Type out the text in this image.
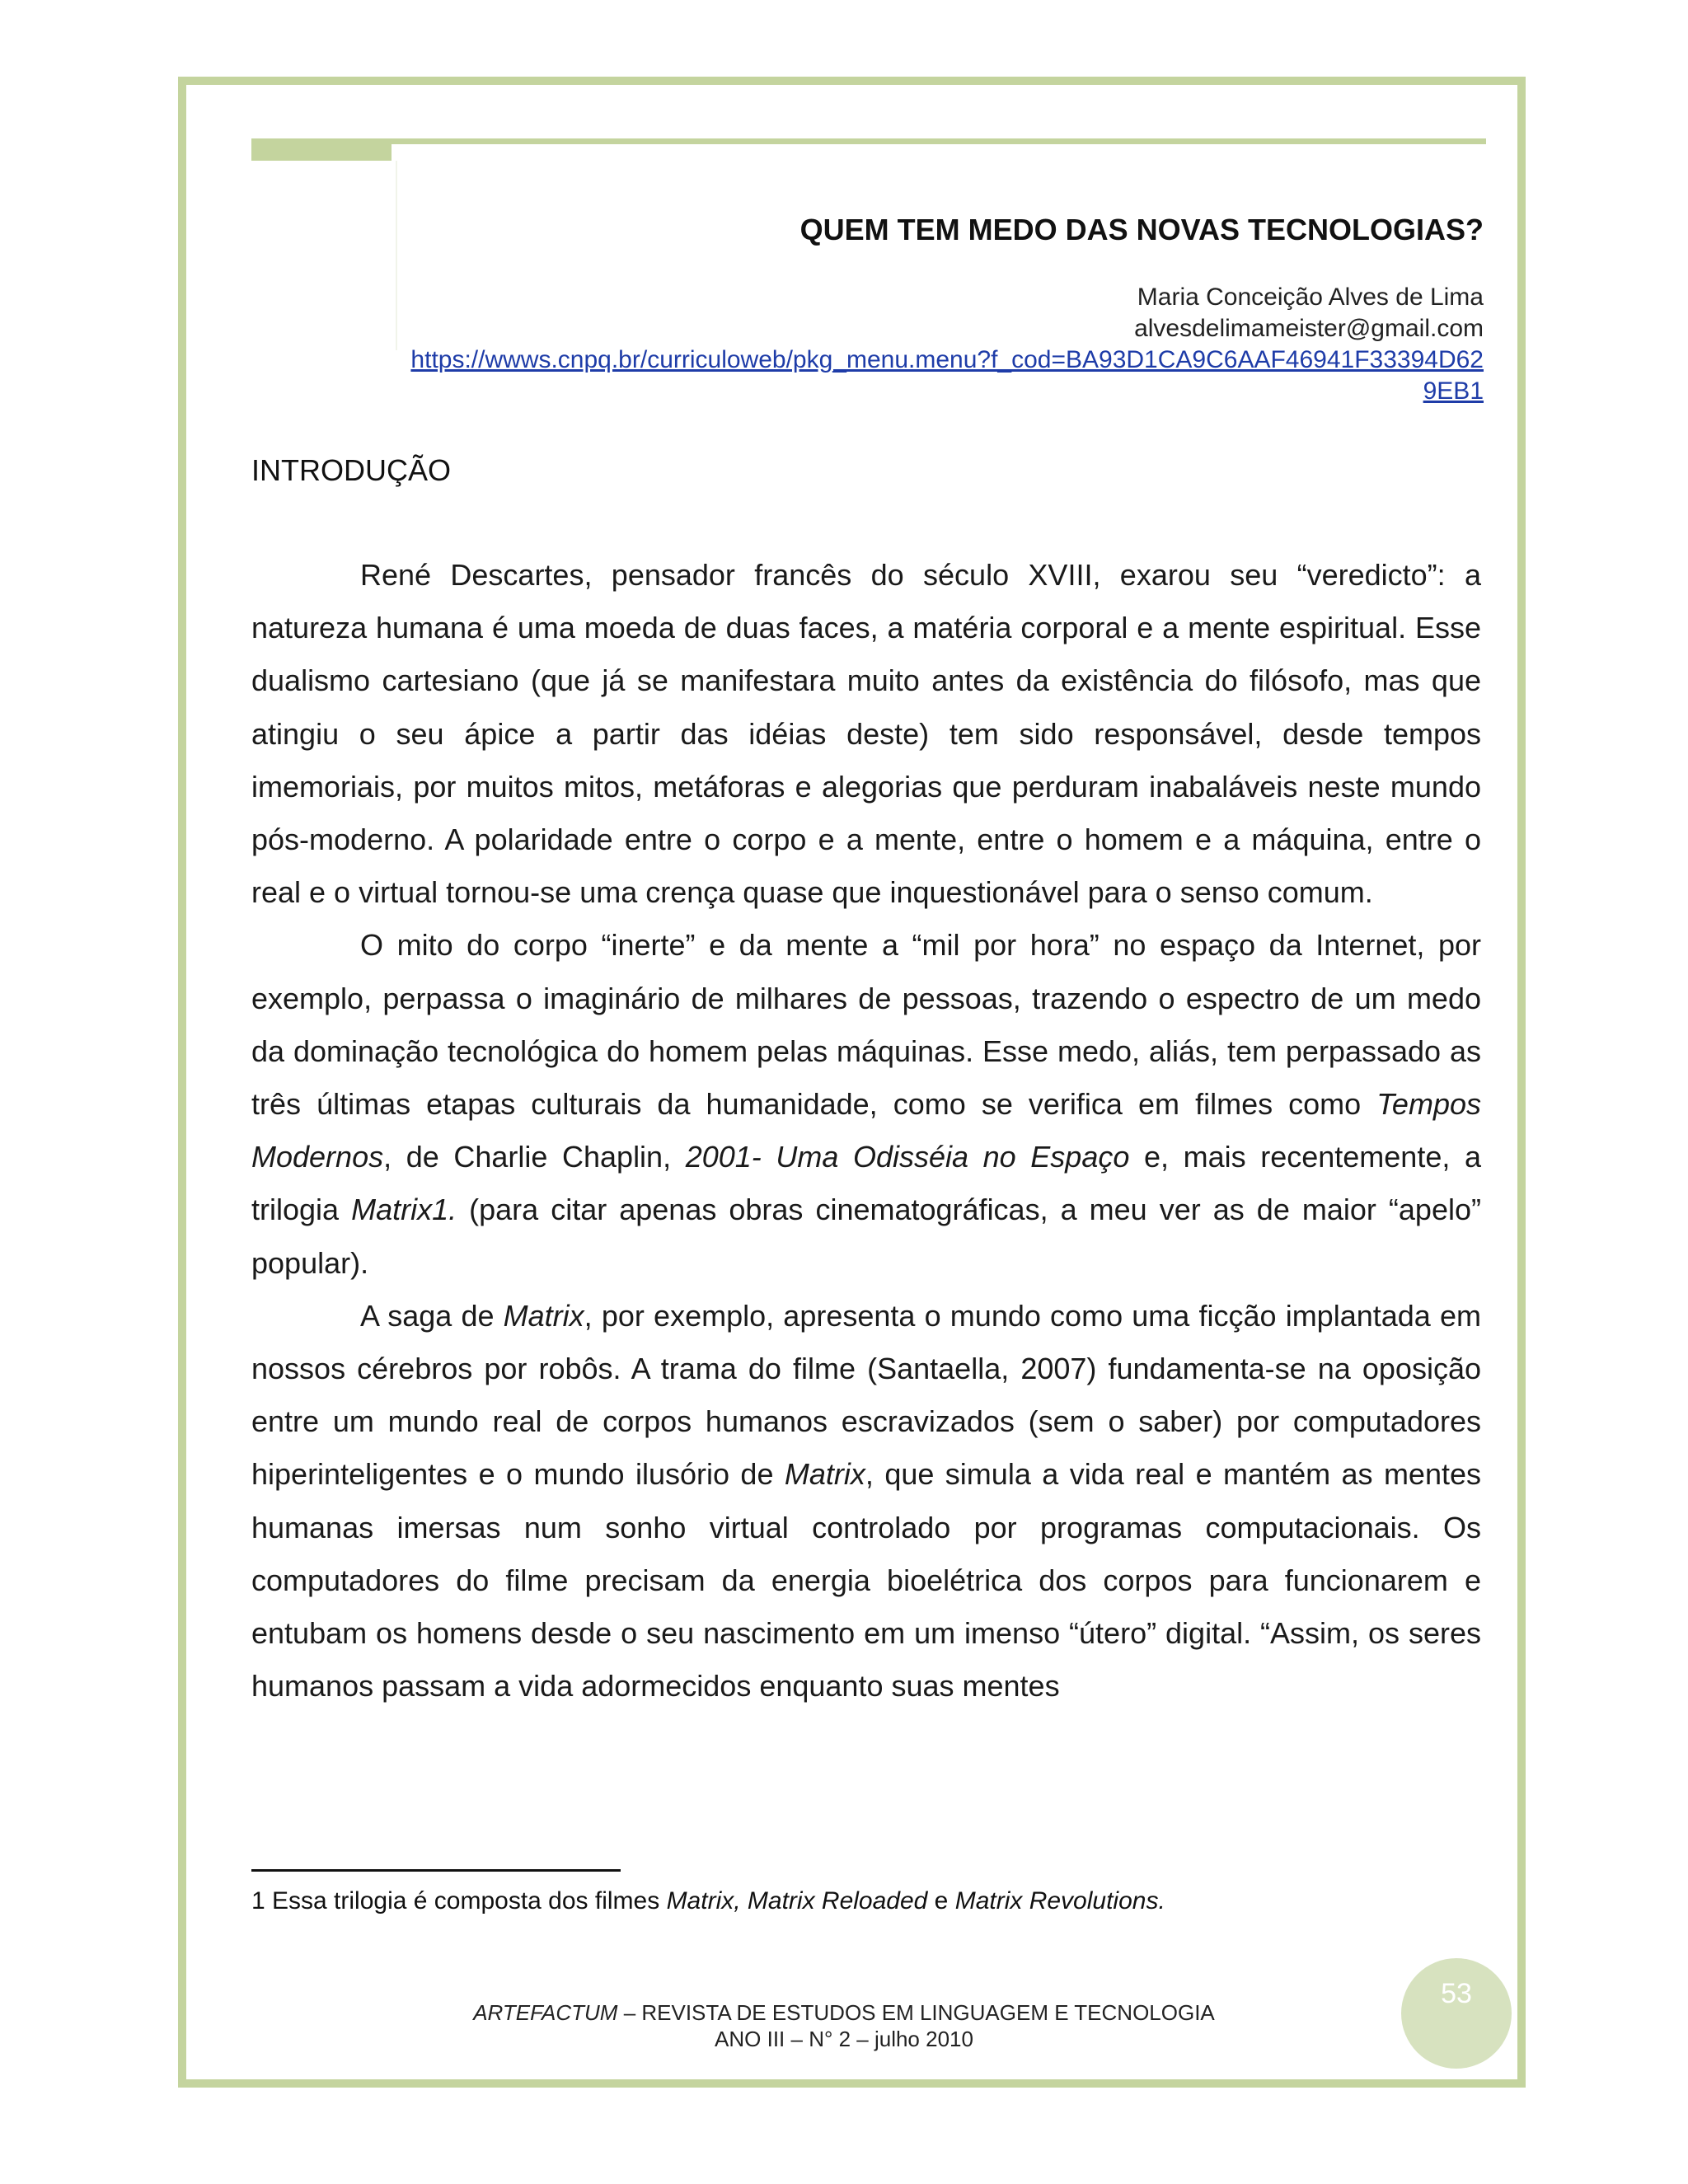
QUEM TEM MEDO DAS NOVAS TECNOLOGIAS?
Maria Conceição Alves de Lima
alvesdelimameister@gmail.com
https://wwws.cnpq.br/curriculoweb/pkg_menu.menu?f_cod=BA93D1CA9C6AAF46941F33394D62
9EB1
INTRODUÇÃO

René Descartes, pensador francês do século XVIII, exarou seu “veredicto”: a natureza humana é uma moeda de duas faces, a matéria corporal e a mente espiritual. Esse dualismo cartesiano (que já se manifestara muito antes da existência do filósofo, mas que atingiu o seu ápice a partir das idéias deste) tem sido responsável, desde tempos imemoriais, por muitos mitos, metáforas e alegorias que perduram inabaláveis neste mundo pós-moderno. A polaridade entre o corpo e a mente, entre o homem e a máquina, entre o real e o virtual tornou-se uma crença quase que inquestionável para o senso comum.

O mito do corpo “inerte” e da mente a “mil por hora” no espaço da Internet, por exemplo, perpassa o imaginário de milhares de pessoas, trazendo o espectro de um medo da dominação tecnológica do homem pelas máquinas. Esse medo, aliás, tem perpassado as três últimas etapas culturais da humanidade, como se verifica em filmes como Tempos Modernos, de Charlie Chaplin, 2001- Uma Odisséia no Espaço e, mais recentemente, a trilogia Matrix1. (para citar apenas obras cinematográficas, a meu ver as de maior “apelo” popular).

A saga de Matrix, por exemplo, apresenta o mundo como uma ficção implantada em nossos cérebros por robôs. A trama do filme (Santaella, 2007) fundamenta-se na oposição entre um mundo real de corpos humanos escravizados (sem o saber) por computadores hiperinteligentes e o mundo ilusório de Matrix, que simula a vida real e mantém as mentes humanas imersas num sonho virtual controlado por programas computacionais. Os computadores do filme precisam da energia bioelétrica dos corpos para funcionarem e entubam os homens desde o seu nascimento em um imenso “útero” digital. “Assim, os seres humanos passam a vida adormecidos enquanto suas mentes

1 Essa trilogia é composta dos filmes Matrix, Matrix Reloaded e Matrix Revolutions.
ARTEFACTUM – REVISTA DE ESTUDOS EM LINGUAGEM E TECNOLOGIA
ANO III – N° 2 – julho 2010
53
